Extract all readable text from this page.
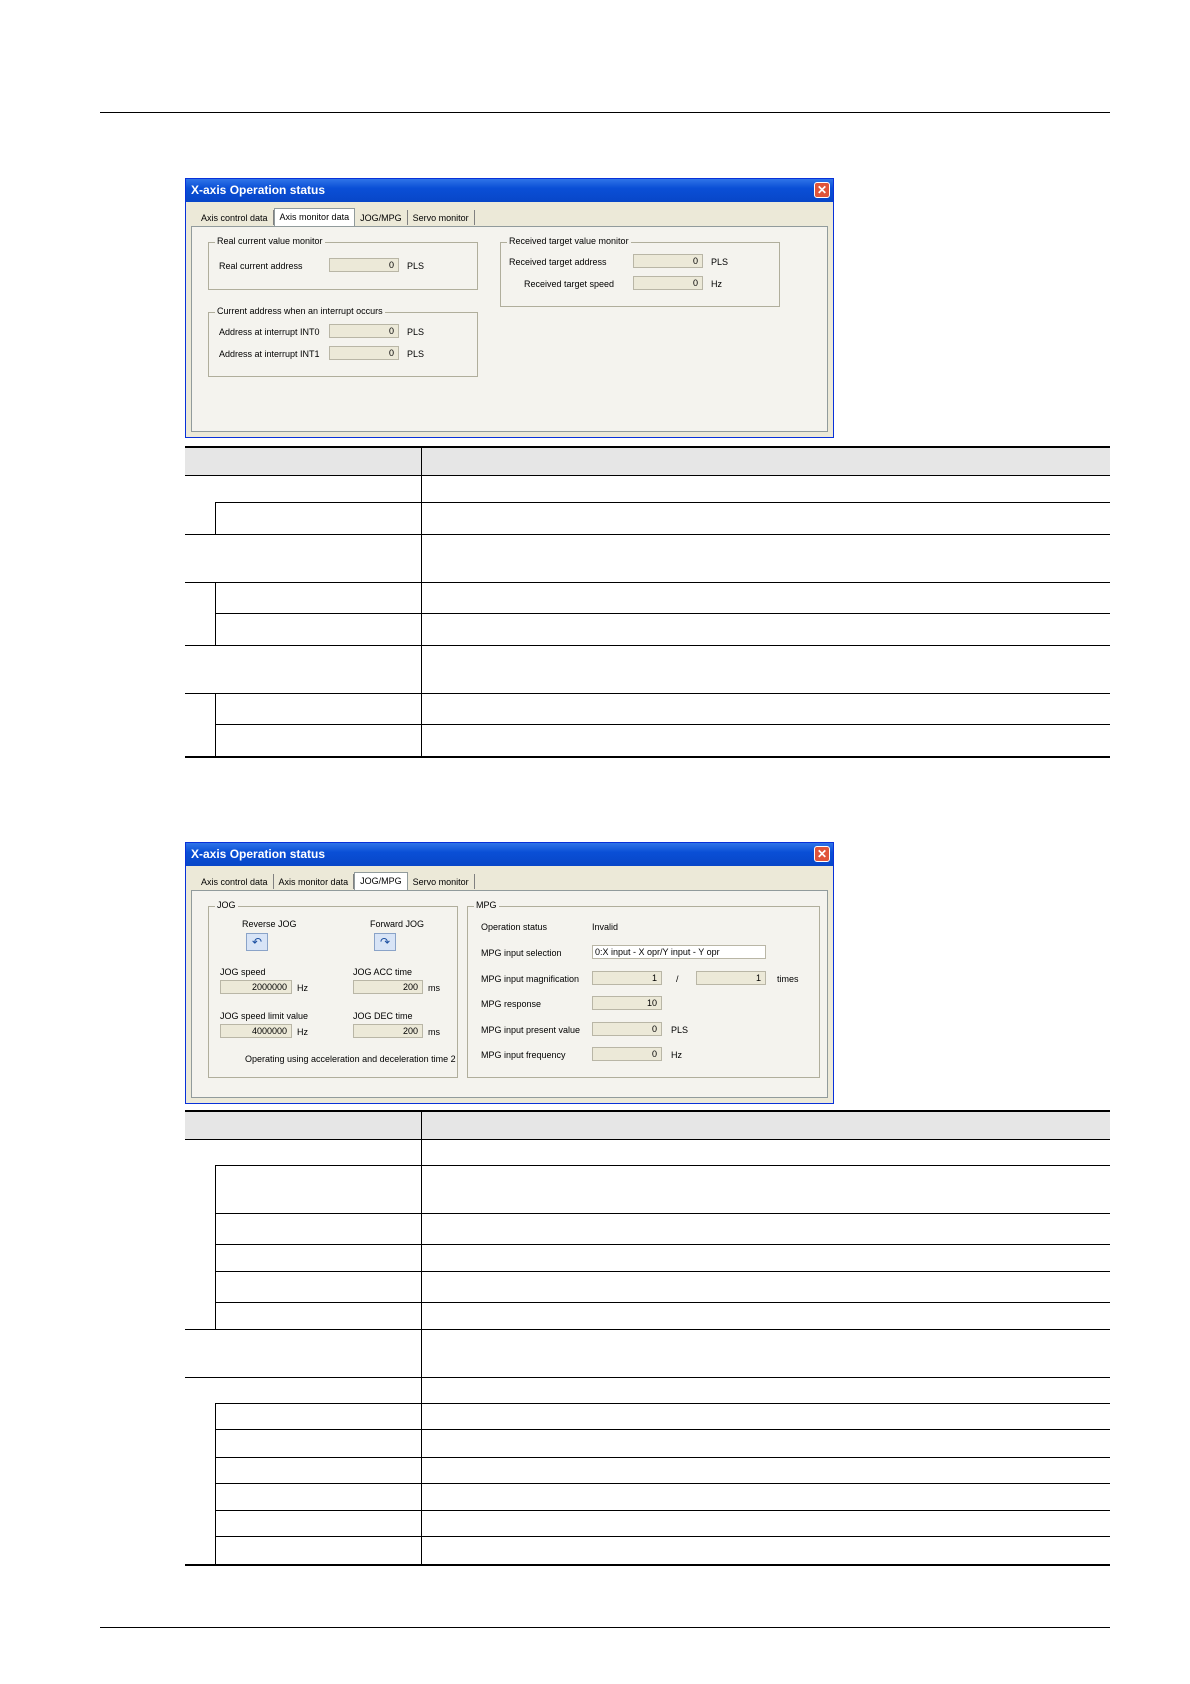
X-axis Operation status	✕
Axis control data	Axis monitor data	JOG/MPG	Servo monitor
Real current value monitor
Real current address	0	PLS
Current address when an interrupt occurs
Address at interrupt INT0	0	PLS
Address at interrupt INT1	0	PLS
Received target value monitor
Received target address	0	PLS
Received target speed	0	Hz
X-axis Operation status	✕
Axis control data	Axis monitor data	JOG/MPG	Servo monitor
JOG
Reverse JOG	Forward JOG
↶	↷
JOG speed
2000000	Hz
JOG ACC time
200	ms
JOG speed limit value
4000000	Hz
JOG DEC time
200	ms
Operating using acceleration and deceleration time 2
MPG
Operation status	Invalid
MPG input selection	0:X input - X opr/Y input - Y opr
MPG input magnification	1	/	1	times
MPG response	10
MPG input present value	0	PLS
MPG input frequency	0	Hz
